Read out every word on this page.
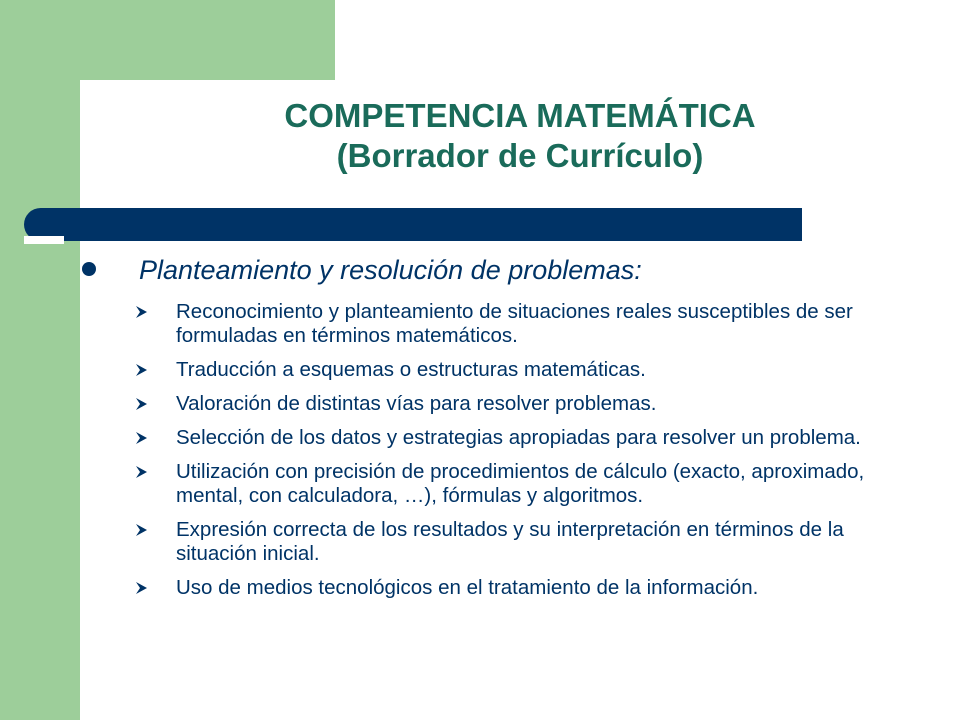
COMPETENCIA MATEMÁTICA
(Borrador de Currículo)
Planteamiento y resolución de problemas:
Reconocimiento y planteamiento de situaciones reales susceptibles de ser formuladas en términos matemáticos.
Traducción a esquemas o estructuras matemáticas.
Valoración de distintas vías para resolver problemas.
Selección de los datos y estrategias apropiadas para resolver un problema.
Utilización con precisión de procedimientos de cálculo (exacto, aproximado, mental, con calculadora, …), fórmulas y algoritmos.
Expresión correcta de los resultados y su interpretación en términos de la situación inicial.
Uso de medios tecnológicos en el tratamiento de la información.
